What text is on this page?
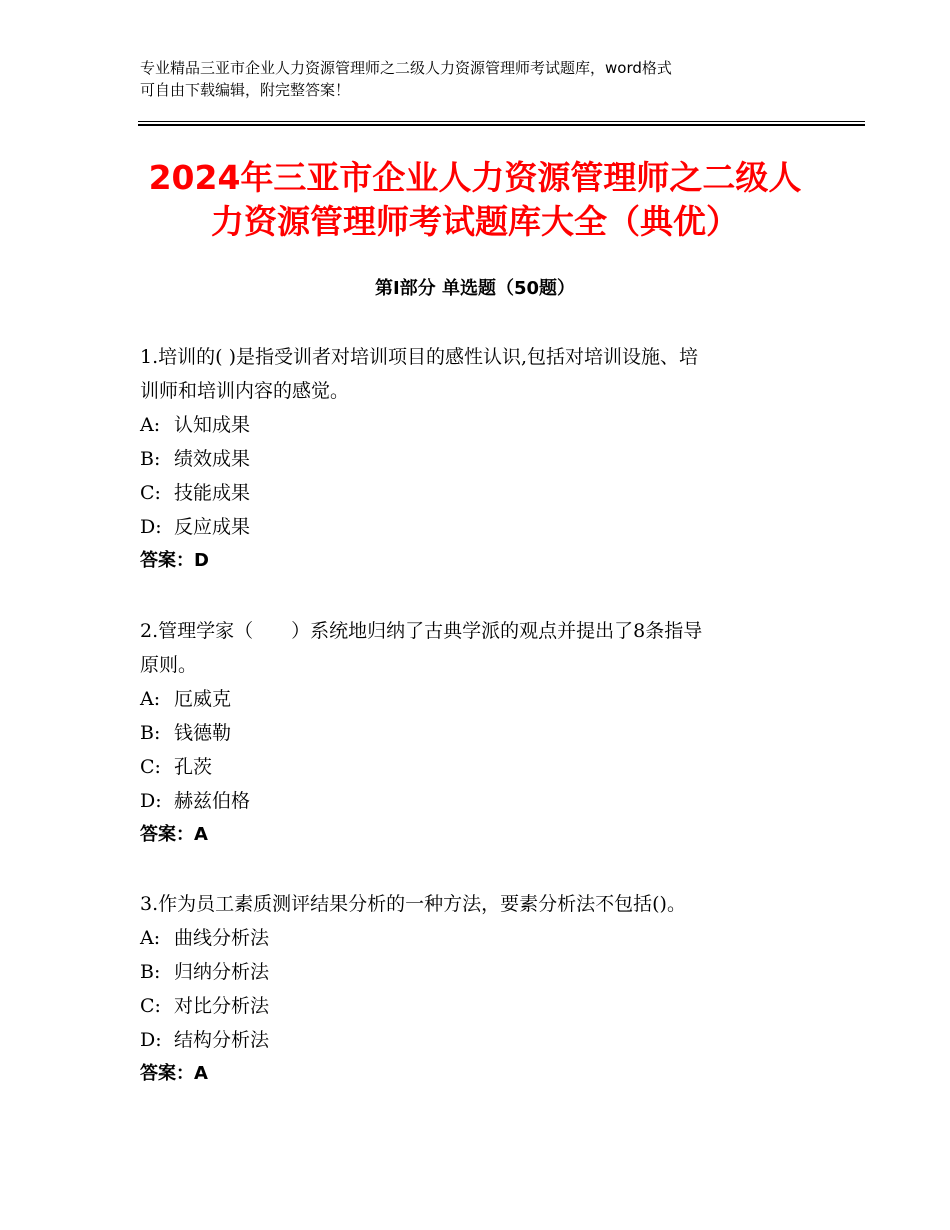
专业精品三亚市企业人力资源管理师之二级人力资源管理师考试题库，word格式
可自由下载编辑，附完整答案！
2024年三亚市企业人力资源管理师之二级人
力资源管理师考试题库大全（典优）
第Ⅰ部分 单选题（50题）
1.培训的( )是指受训者对培训项目的感性认识,包括对培训设施、培
训师和培训内容的感觉。
A: 认知成果
B: 绩效成果
C: 技能成果
D: 反应成果
答案：D
2.管理学家（　　）系统地归纳了古典学派的观点并提出了8条指导
原则。
A: 厄威克
B: 钱德勒
C: 孔茨
D: 赫兹伯格
答案：A
3.作为员工素质测评结果分析的一种方法，要素分析法不包括()。
A: 曲线分析法
B: 归纳分析法
C: 对比分析法
D: 结构分析法
答案：A
